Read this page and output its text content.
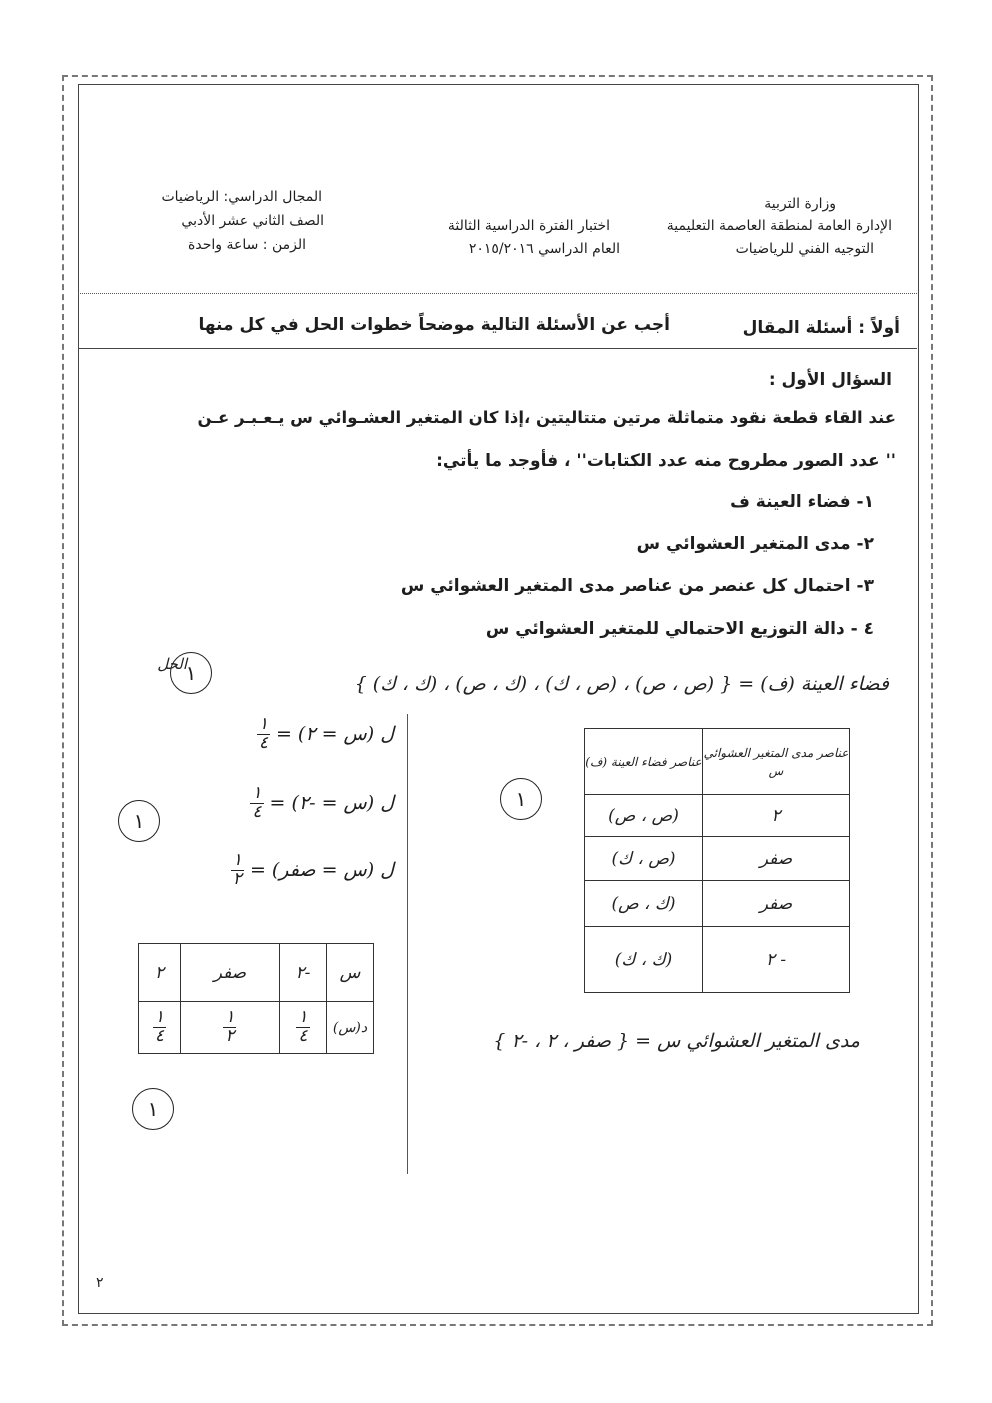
وزارة التربية
الإدارة العامة لمنطقة العاصمة التعليمية
التوجيه الفني للرياضيات
اختبار الفترة الدراسية الثالثة
العام الدراسي ٢٠١٥/٢٠١٦
المجال الدراسي: الرياضيات
الصف الثاني عشر الأدبي
الزمن : ساعة واحدة
أولاً : أسئلة المقال
أجب عن الأسئلة التالية موضحاً خطوات الحل في كل منها
السؤال الأول :
عند القاء قطعة نقود متماثلة مرتين متتاليتين ،إذا كان المتغير العشـوائي س يـعـبـر عـن
'' عدد الصور مطروح منه عدد الكتابات'' ، فأوجد ما يأتي:
١- فضاء العينة ف
٢- مدى المتغير العشوائي س
٣- احتمال كل عنصر من عناصر مدى المتغير العشوائي س
٤ - دالة التوزيع الاحتمالي للمتغير العشوائي س
الحل
فضاء العينة (ف) = { (ص ، ص) ، (ص ، ك) ، (ك ، ص) ، (ك ، ك) }
١
عناصر مدى المتغير العشوائي س	عناصر فضاء العينة (ف)
٢	(ص ، ص)
صفر	(ص ، ك)
صفر	(ك ، ص)
- ٢	(ك ، ك)
١
مدى المتغير العشوائي س = { صفر ، ٢ ، -٢ }
ل (س = ٢) =
$\frac{١}{٤}$
ل (س = -٢) =
$\frac{١}{٤}$
ل (س = صفر) =
$\frac{١}{٢}$
١
س	-٢	صفر	٢
د(س)	$\frac{١}{٤}$	$\frac{١}{٢}$	$\frac{١}{٤}$
١
٢
